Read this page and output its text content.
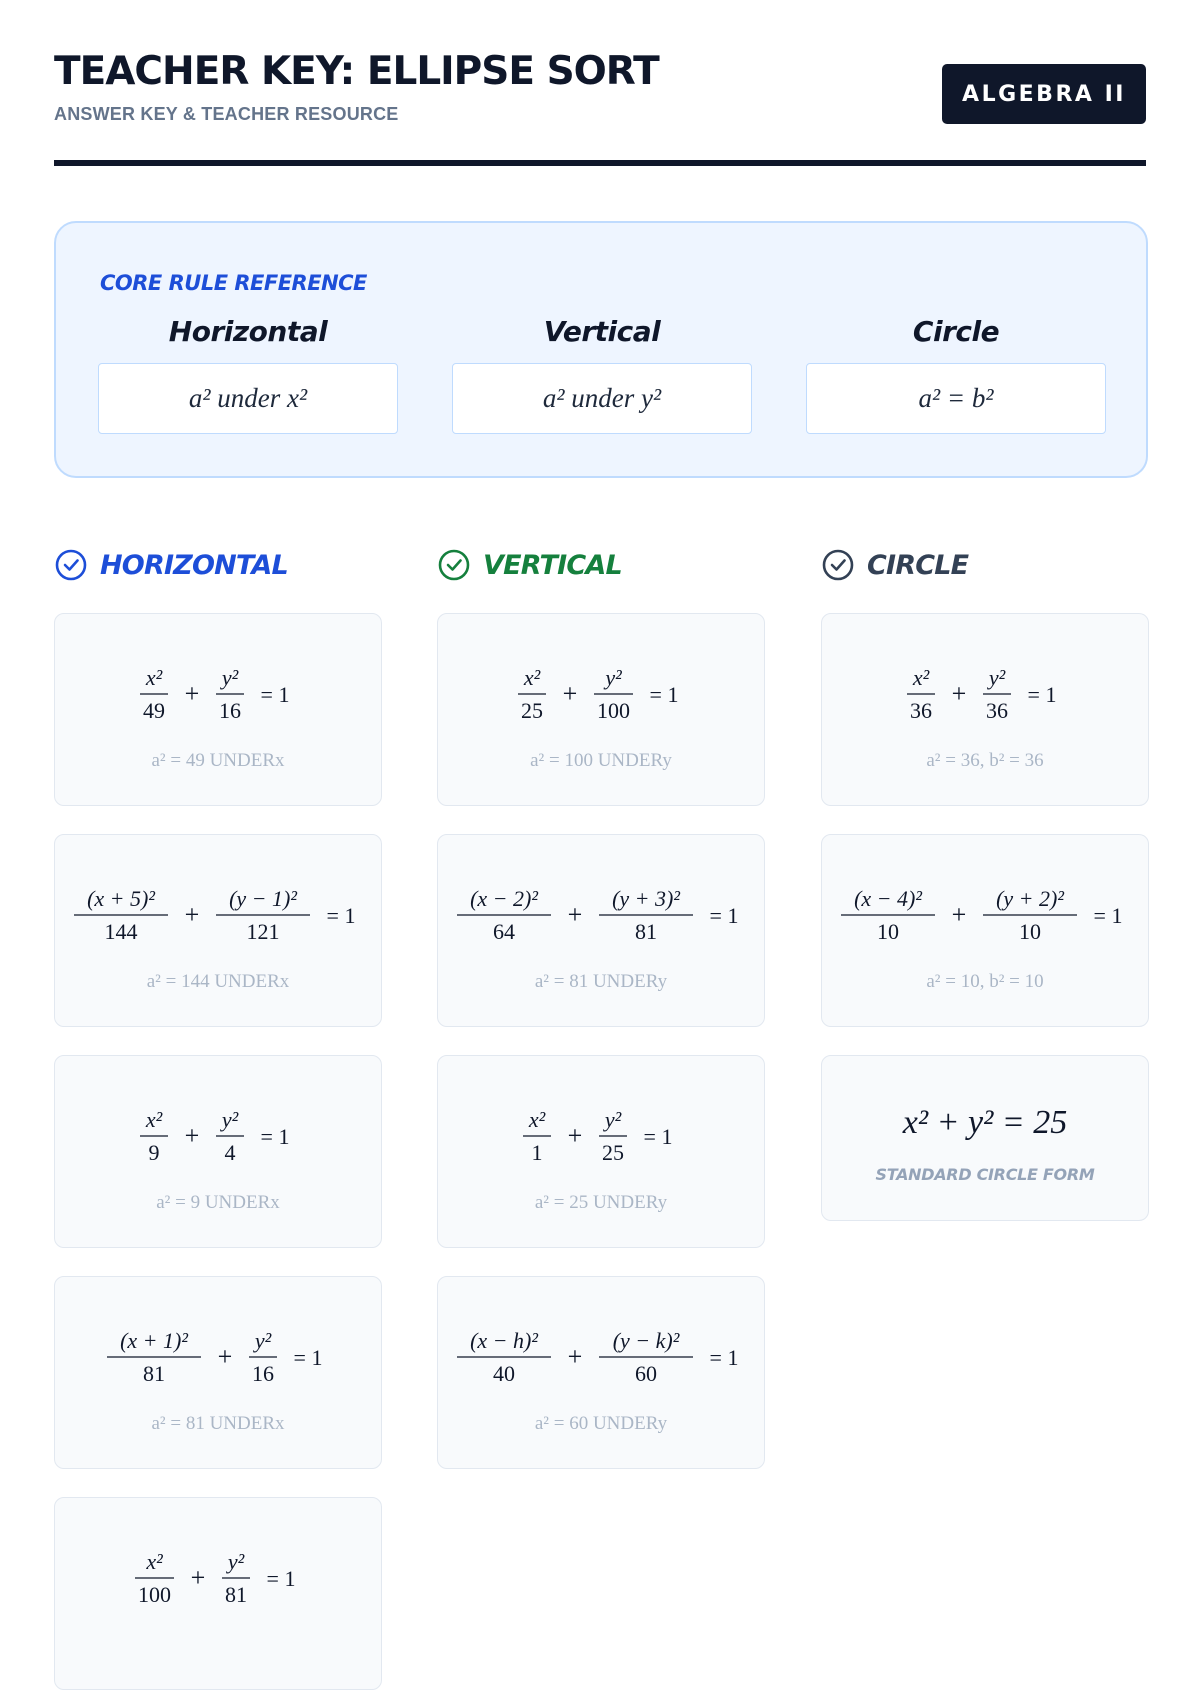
TEACHER KEY: ELLIPSE SORT
ANSWER KEY & TEACHER RESOURCE
ALGEBRA II
CORE RULE REFERENCE
Horizontal
a² under x²
Vertical
a² under y²
Circle
a² = b²
HORIZONTAL	VERTICAL	CIRCLE
x²
49
+
y²
16
= 1
a² = 49 UNDERx
(x + 5)²
144
+
(y − 1)²
121
= 1
a² = 144 UNDERx
x²
9
+
y²
4
= 1
a² = 9 UNDERx
(x + 1)²
81
+
y²
16
= 1
a² = 81 UNDERx
x²
100
+
y²
81
= 1
x²
25
+
y²
100
= 1
a² = 100 UNDERy
(x − 2)²
64
+
(y + 3)²
81
= 1
a² = 81 UNDERy
x²
1
+
y²
25
= 1
a² = 25 UNDERy
(x − h)²
40
+
(y − k)²
60
= 1
a² = 60 UNDERy
x²
36
+
y²
36
= 1
a² = 36, b² = 36
(x − 4)²
10
+
(y + 2)²
10
= 1
a² = 10, b² = 10
x² + y² = 25
STANDARD CIRCLE FORM
